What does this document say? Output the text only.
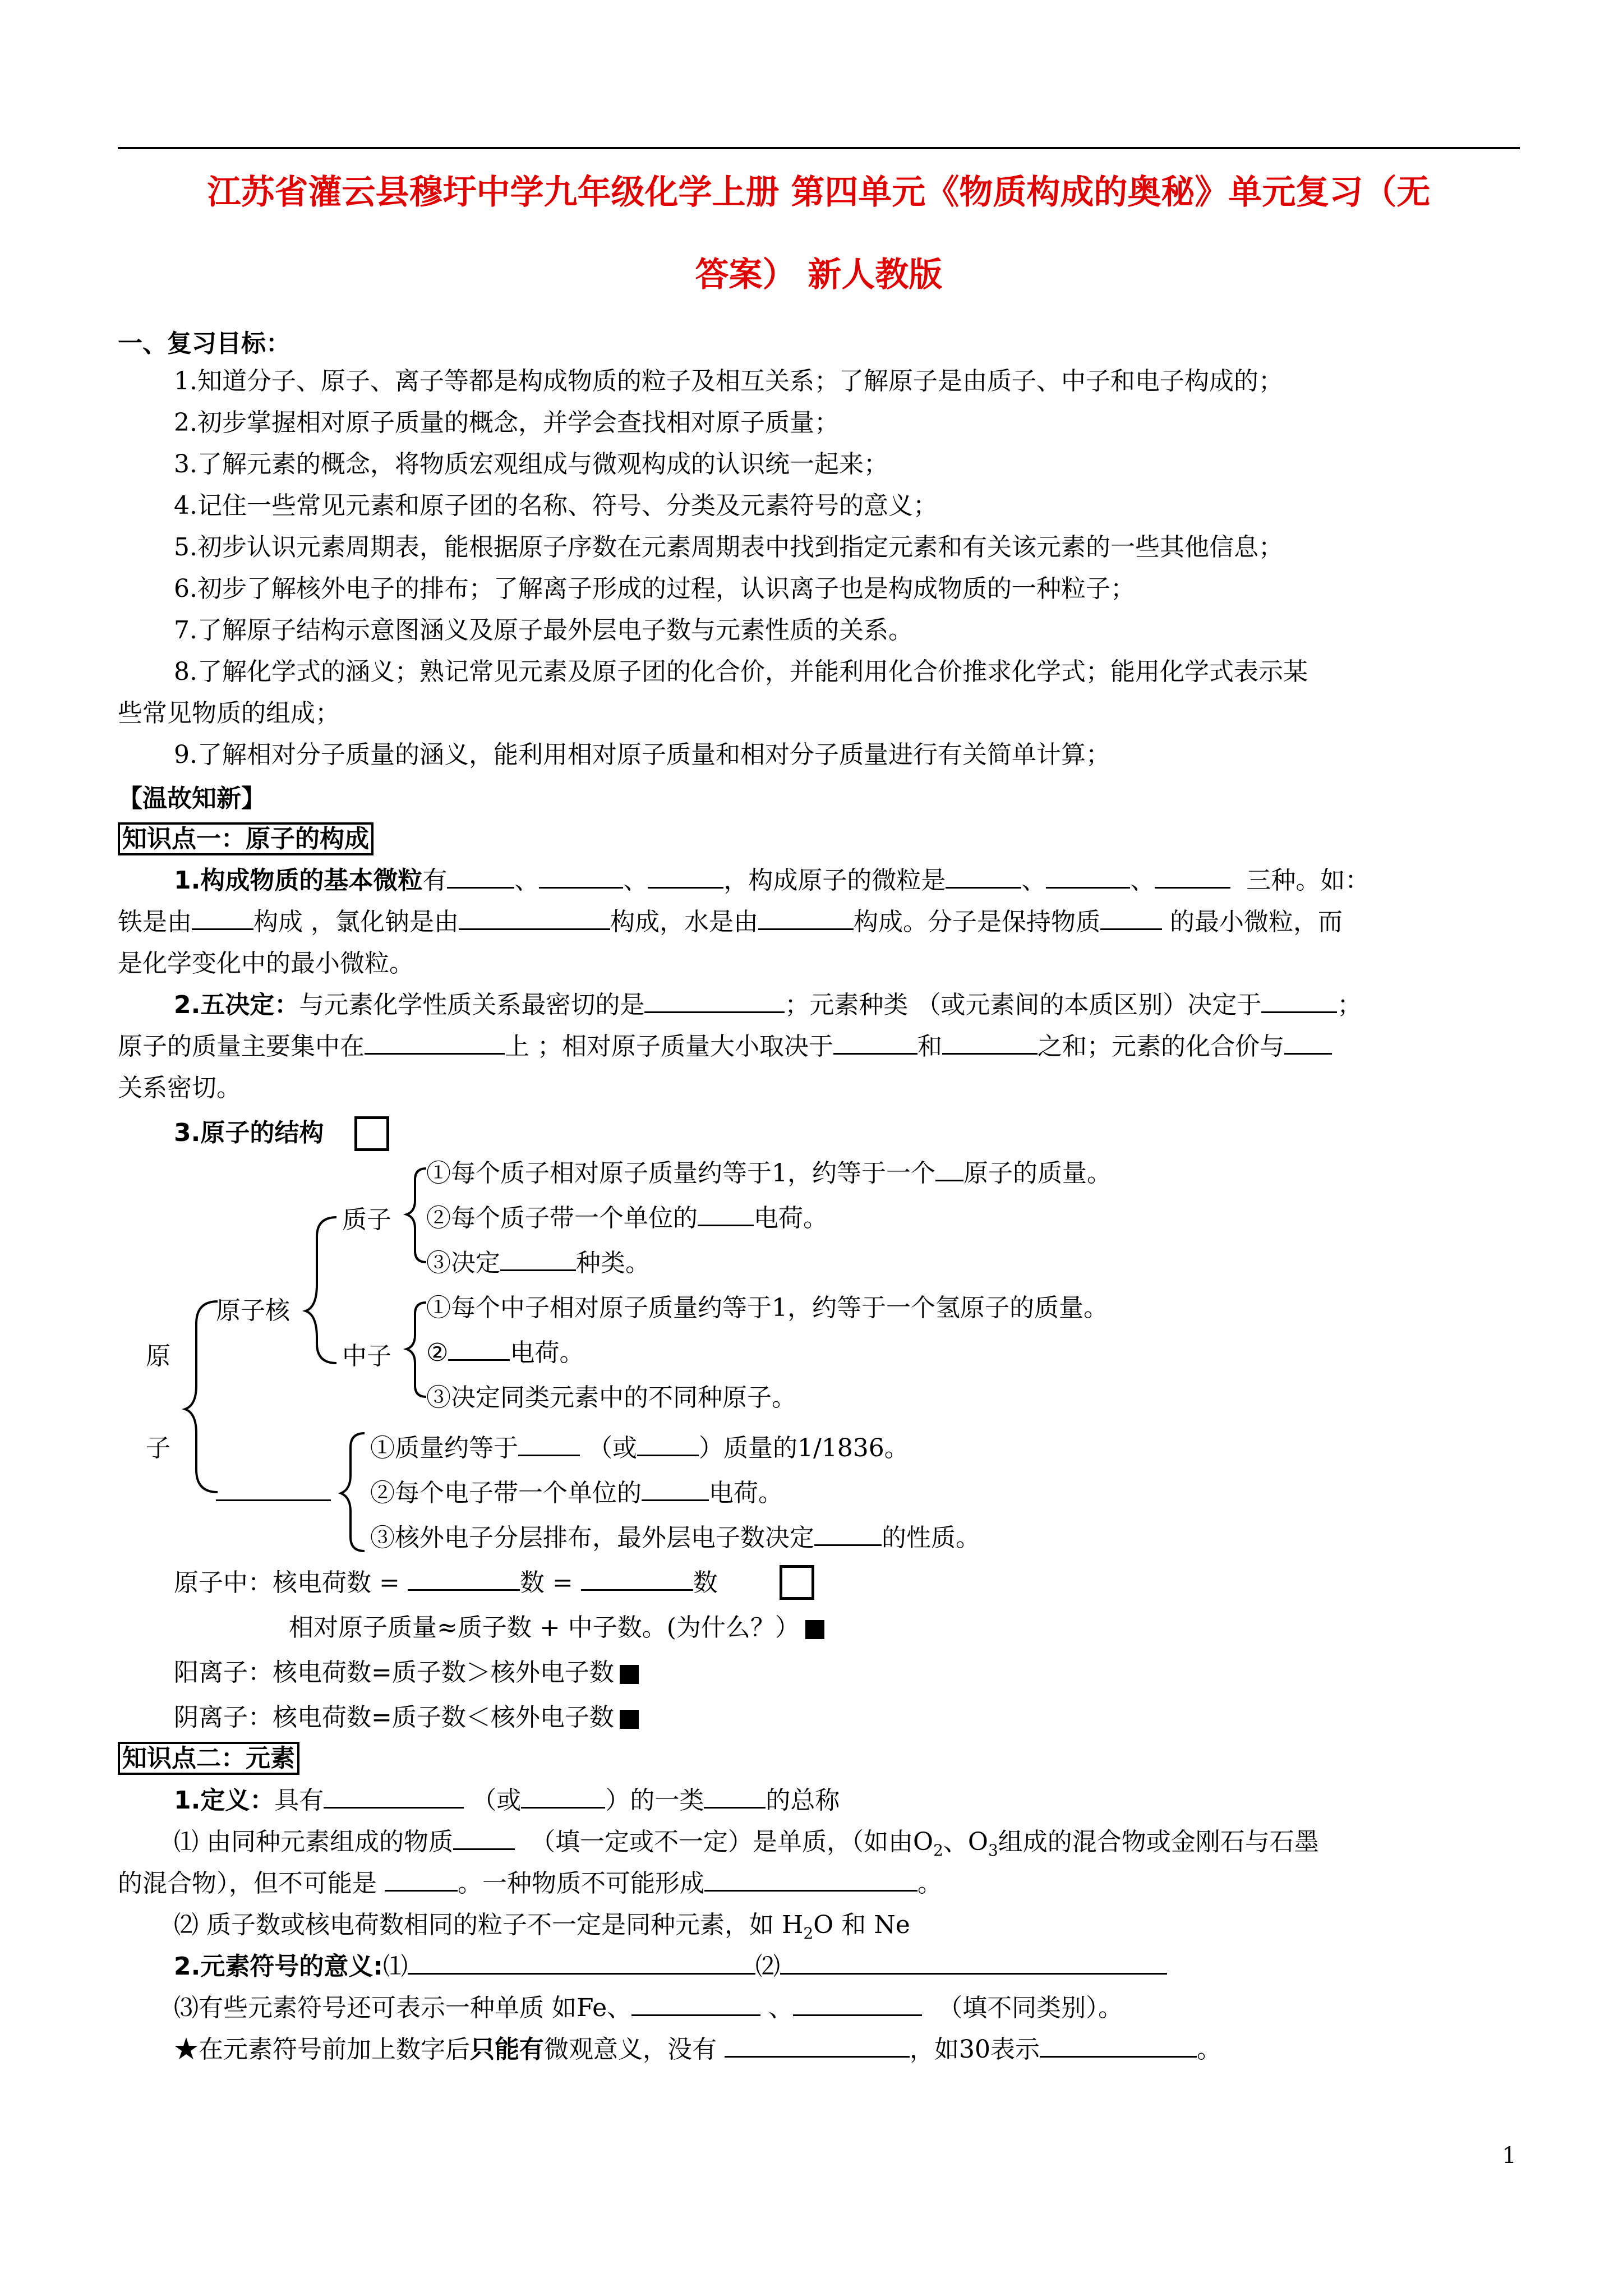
江苏省灌云县穆圩中学九年级化学上册 第四单元《物质构成的奥秘》单元复习（无
答案） 新人教版
一、复习目标：
1.知道分子、原子、离子等都是构成物质的粒子及相互关系；了解原子是由质子、中子和电子构成的；
2.初步掌握相对原子质量的概念，并学会查找相对原子质量；
3.了解元素的概念，将物质宏观组成与微观构成的认识统一起来；
4.记住一些常见元素和原子团的名称、符号、分类及元素符号的意义；
5.初步认识元素周期表，能根据原子序数在元素周期表中找到指定元素和有关该元素的一些其他信息；
6.初步了解核外电子的排布；了解离子形成的过程，认识离子也是构成物质的一种粒子；
7.了解原子结构示意图涵义及原子最外层电子数与元素性质的关系。
8.了解化学式的涵义；熟记常见元素及原子团的化合价，并能利用化合价推求化学式；能用化学式表示某
些常见物质的组成；
9.了解相对分子质量的涵义，能利用相对原子质量和相对分子质量进行有关简单计算；
【温故知新】
知识点一：原子的构成
1.构成物质的基本微粒有	、	、	，构成原子的微粒是	、	、	三种。如：
铁是由	构成 ，氯化钠是由	构成，水是由	构成。分子是保持物质	的最小微粒，而
是化学变化中的最小微粒。
2.五决定：与元素化学性质关系最密切的是	；元素种类 （或元素间的本质区别）决定于	；
原子的质量主要集中在	上 ；相对原子质量大小取决于	和	之和；元素的化合价与
关系密切。
3.原子的结构
原
子
原子核
质子
中子
①每个质子相对原子质量约等于1，约等于一个 原子的质量。
②每个质子带一个单位的 电荷。
③决定	种类。
①每个中子相对原子质量约等于1，约等于一个氢原子的质量。
②	电荷。
③决定同类元素中的不同种原子。
①质量约等于	（或	）质量的1/1836。
②每个电子带一个单位的	电荷。
③核外电子分层排布，最外层电子数决定	的性质。
原子中：核电荷数 =	数 =	数
相对原子质量≈质子数 + 中子数。(为什么？）
阳离子：核电荷数=质子数＞核外电子数
阴离子：核电荷数=质子数＜核外电子数
知识点二：元素
1.定义：具有	（或	）的一类	的总称
⑴ 由同种元素组成的物质	（填一定或不一定）是单质，（如由$O_2$、$O_3$组成的混合物或金刚石与石墨
的混合物），但不可能是	。一种物质不可能形成	。
⑵ 质子数或核电荷数相同的粒子不一定是同种元素，如 $H_2O$ 和 Ne
2.元素符号的意义:⑴	⑵
⑶有些元素符号还可表示一种单质 如Fe、	、	（填不同类别）。
★在元素符号前加上数字后只能有微观意义，没有	，如30表示	。
1
